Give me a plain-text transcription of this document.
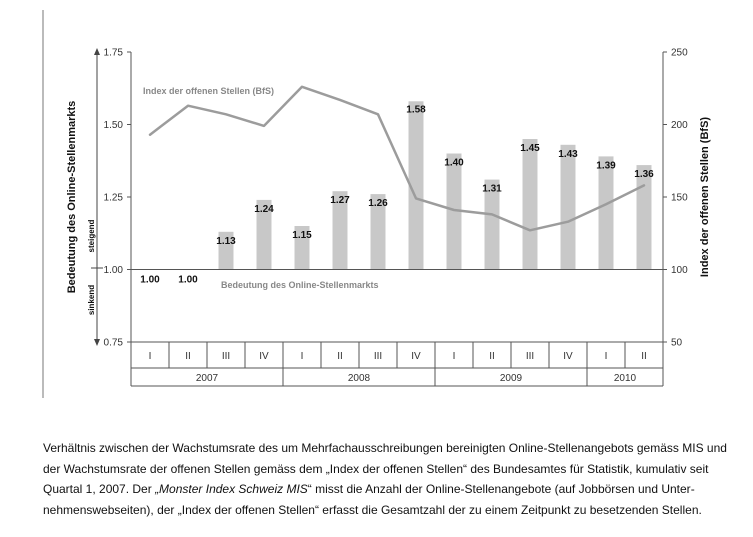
steigend
sinkend
Bedeutung des Online-Stellenmarkts	Index der offenen Stellen (BfS)
Index der offenen Stellen (BfS)
Bedeutung des Online-Stellenmarkts
0.75
1.00
1.25
1.50
1.75
50
100
150
200
250
1.00 1.00
1.13
1.24
1.15
1.27 1.26
1.58
1.40
1.31
1.45
1.43
1.39
1.36
I	II	III	IV	I	II	III	IV	I	II	III	IV	I	II
2007	2008	2009	2010

Verhältnis zwischen der Wachstumsrate des um Mehrfachausschreibungen bereinigten Online-Stellenangebots gemäss MIS und der Wachstumsrate der offenen Stellen gemäss dem „Index der offenen Stellen“ des Bundesamtes für Statistik, kumulativ seit Quartal 1, 2007. Der „Monster Index Schweiz MIS“ misst die Anzahl der Online-Stellenangebote (auf Jobbörsen und Unternehmenswebseiten), der „Index der offenen Stellen“ erfasst die Gesamtzahl der zu einem Zeitpunkt zu besetzenden Stellen.
